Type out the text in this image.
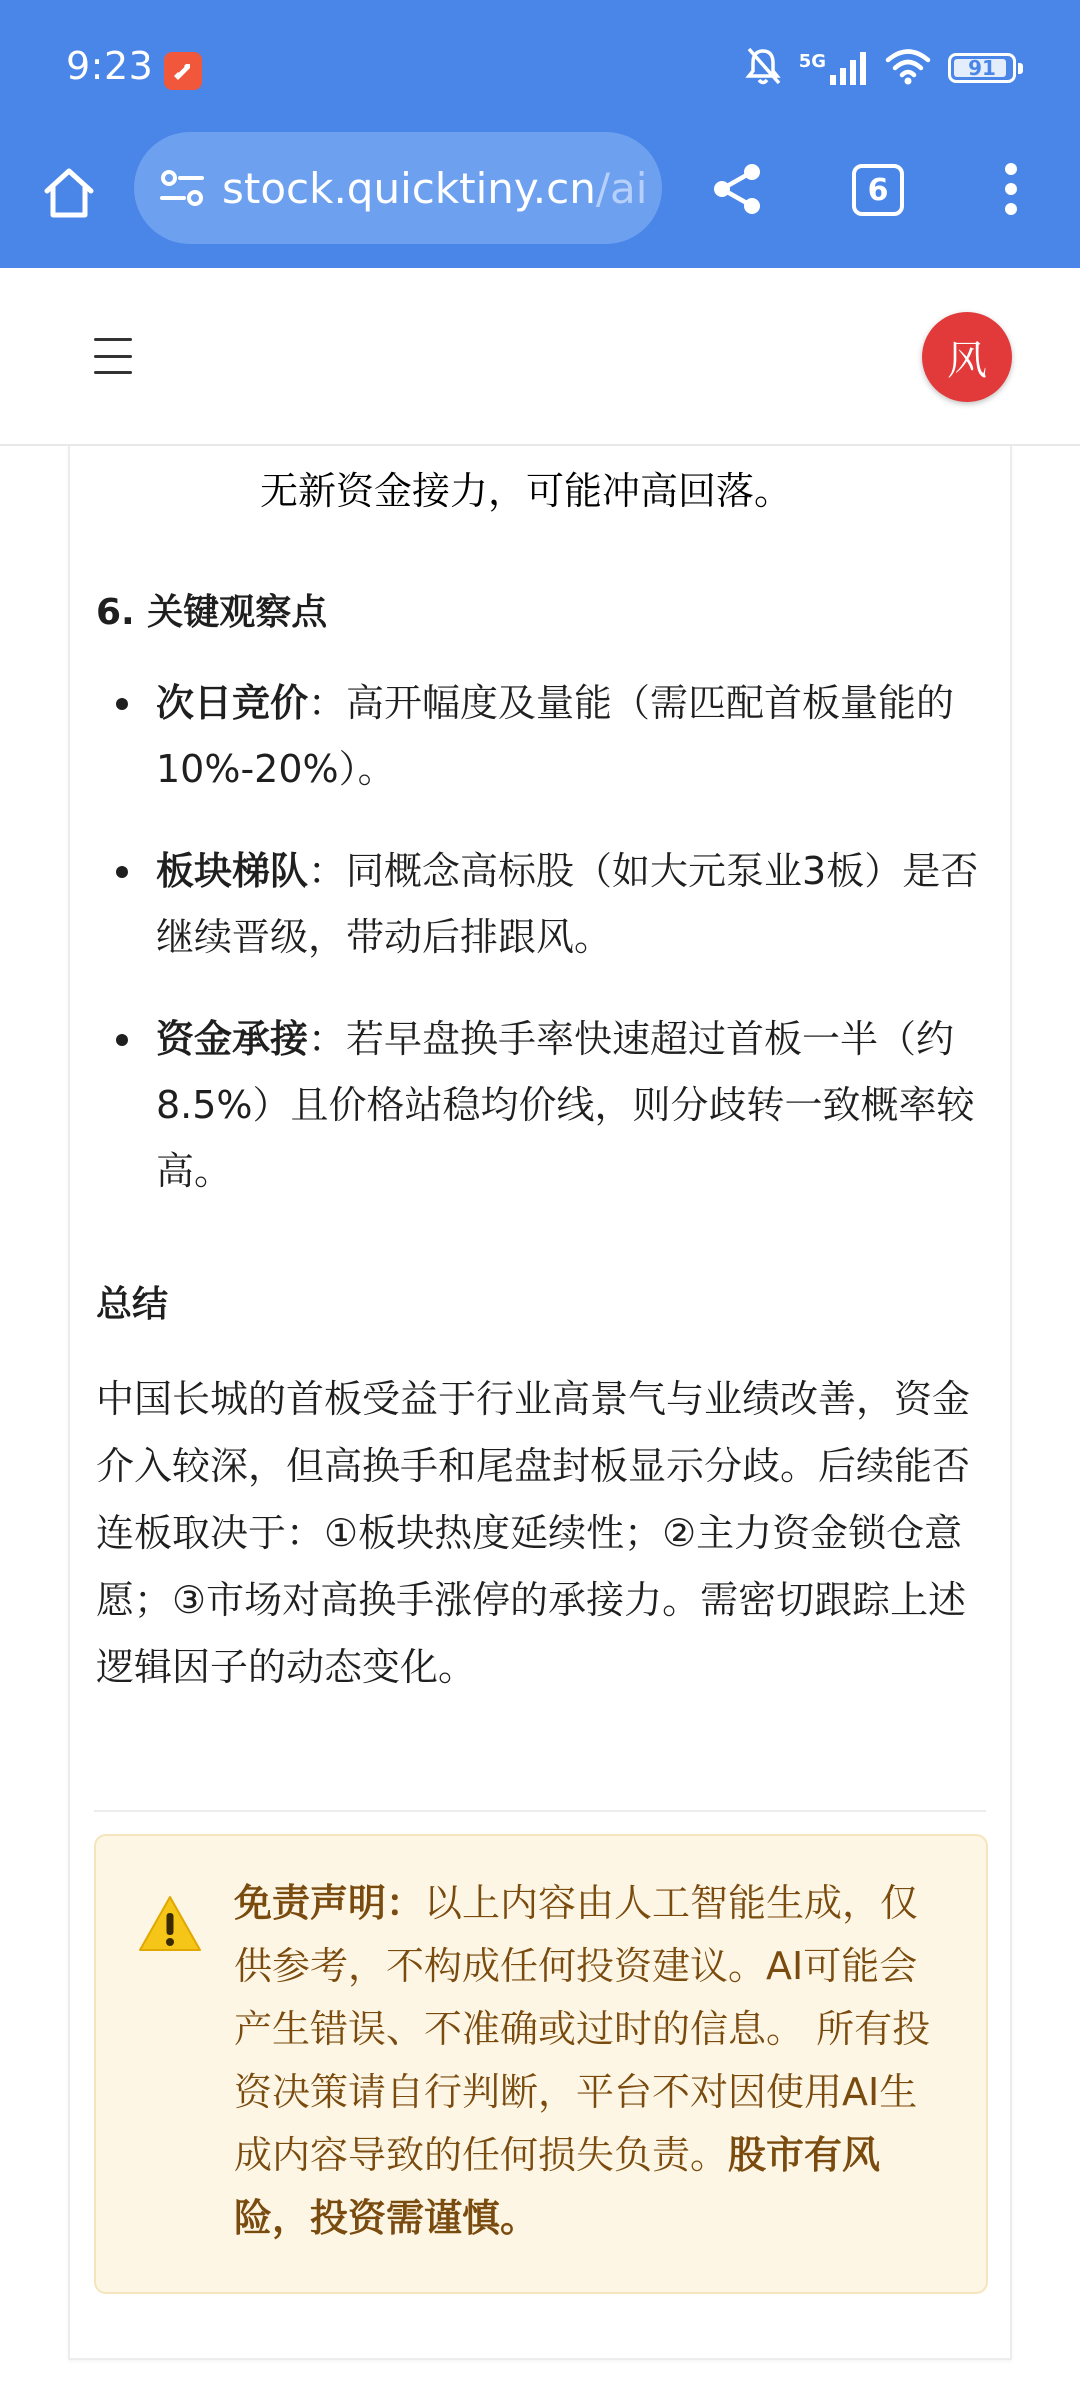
9:23	5G	91
stock.quicktiny.cn/ai	6
风
无新资金接力，可能冲高回落。
6. 关键观察点
次日竞价：高开幅度及量能（需匹配首板量能的10%-20%）。
板块梯队：同概念高标股（如大元泵业3板）是否继续晋级，带动后排跟风。
资金承接：若早盘换手率快速超过首板一半（约8.5%）且价格站稳均价线，则分歧转一致概率较高。
总结
中国长城的首板受益于行业高景气与业绩改善，资金介入较深，但高换手和尾盘封板显示分歧。后续能否连板取决于：①板块热度延续性；②主力资金锁仓意愿；③市场对高换手涨停的承接力。需密切跟踪上述逻辑因子的动态变化。
免责声明：以上内容由人工智能生成，仅供参考，不构成任何投资建议。AI可能会产生错误、不准确或过时的信息。 所有投资决策请自行判断，平台不对因使用AI生成内容导致的任何损失负责。股市有风险，投资需谨慎。
